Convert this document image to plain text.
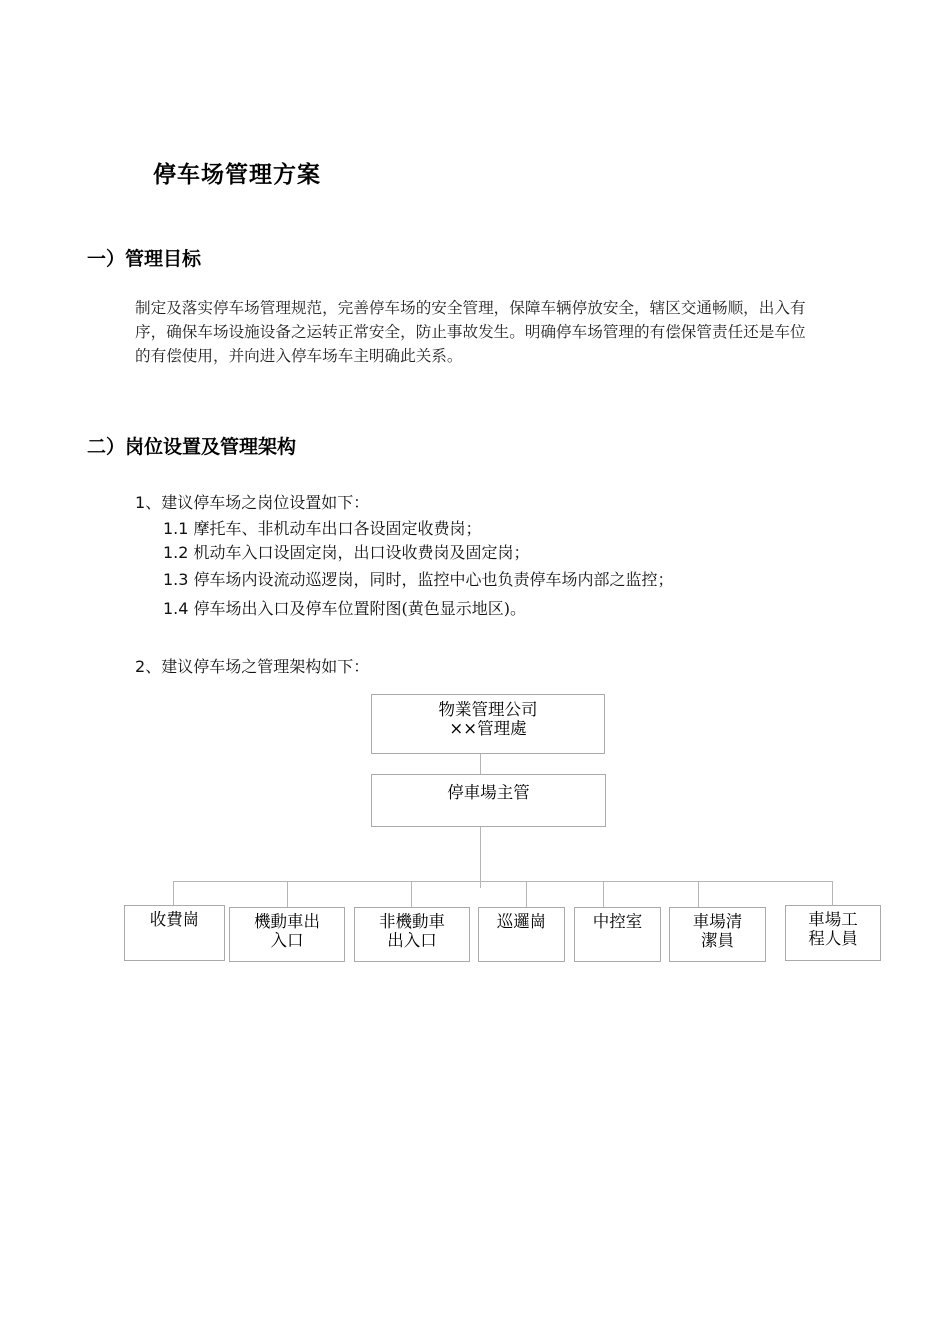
停车场管理方案
一）管理目标
制定及落实停车场管理规范，完善停车场的安全管理，保障车辆停放安全，辖区交通畅顺，出入有序，确保车场设施设备之运转正常安全，防止事故发生。明确停车场管理的有偿保管责任还是车位的有偿使用，并向进入停车场车主明确此关系。
二）岗位设置及管理架构
1、建议停车场之岗位设置如下：
1.1 摩托车、非机动车出口各设固定收费岗；
1.2 机动车入口设固定岗，出口设收费岗及固定岗；
1.3 停车场内设流动巡逻岗，同时，监控中心也负责停车场内部之监控；
1.4 停车场出入口及停车位置附图(黄色显示地区)。
2、建议停车场之管理架构如下：
物業管理公司
××管理處
停車場主管
收費崗	機動車出
入口
非機動車
出入口
巡邏崗	中控室	車場清
潔員
車場工
程人員
